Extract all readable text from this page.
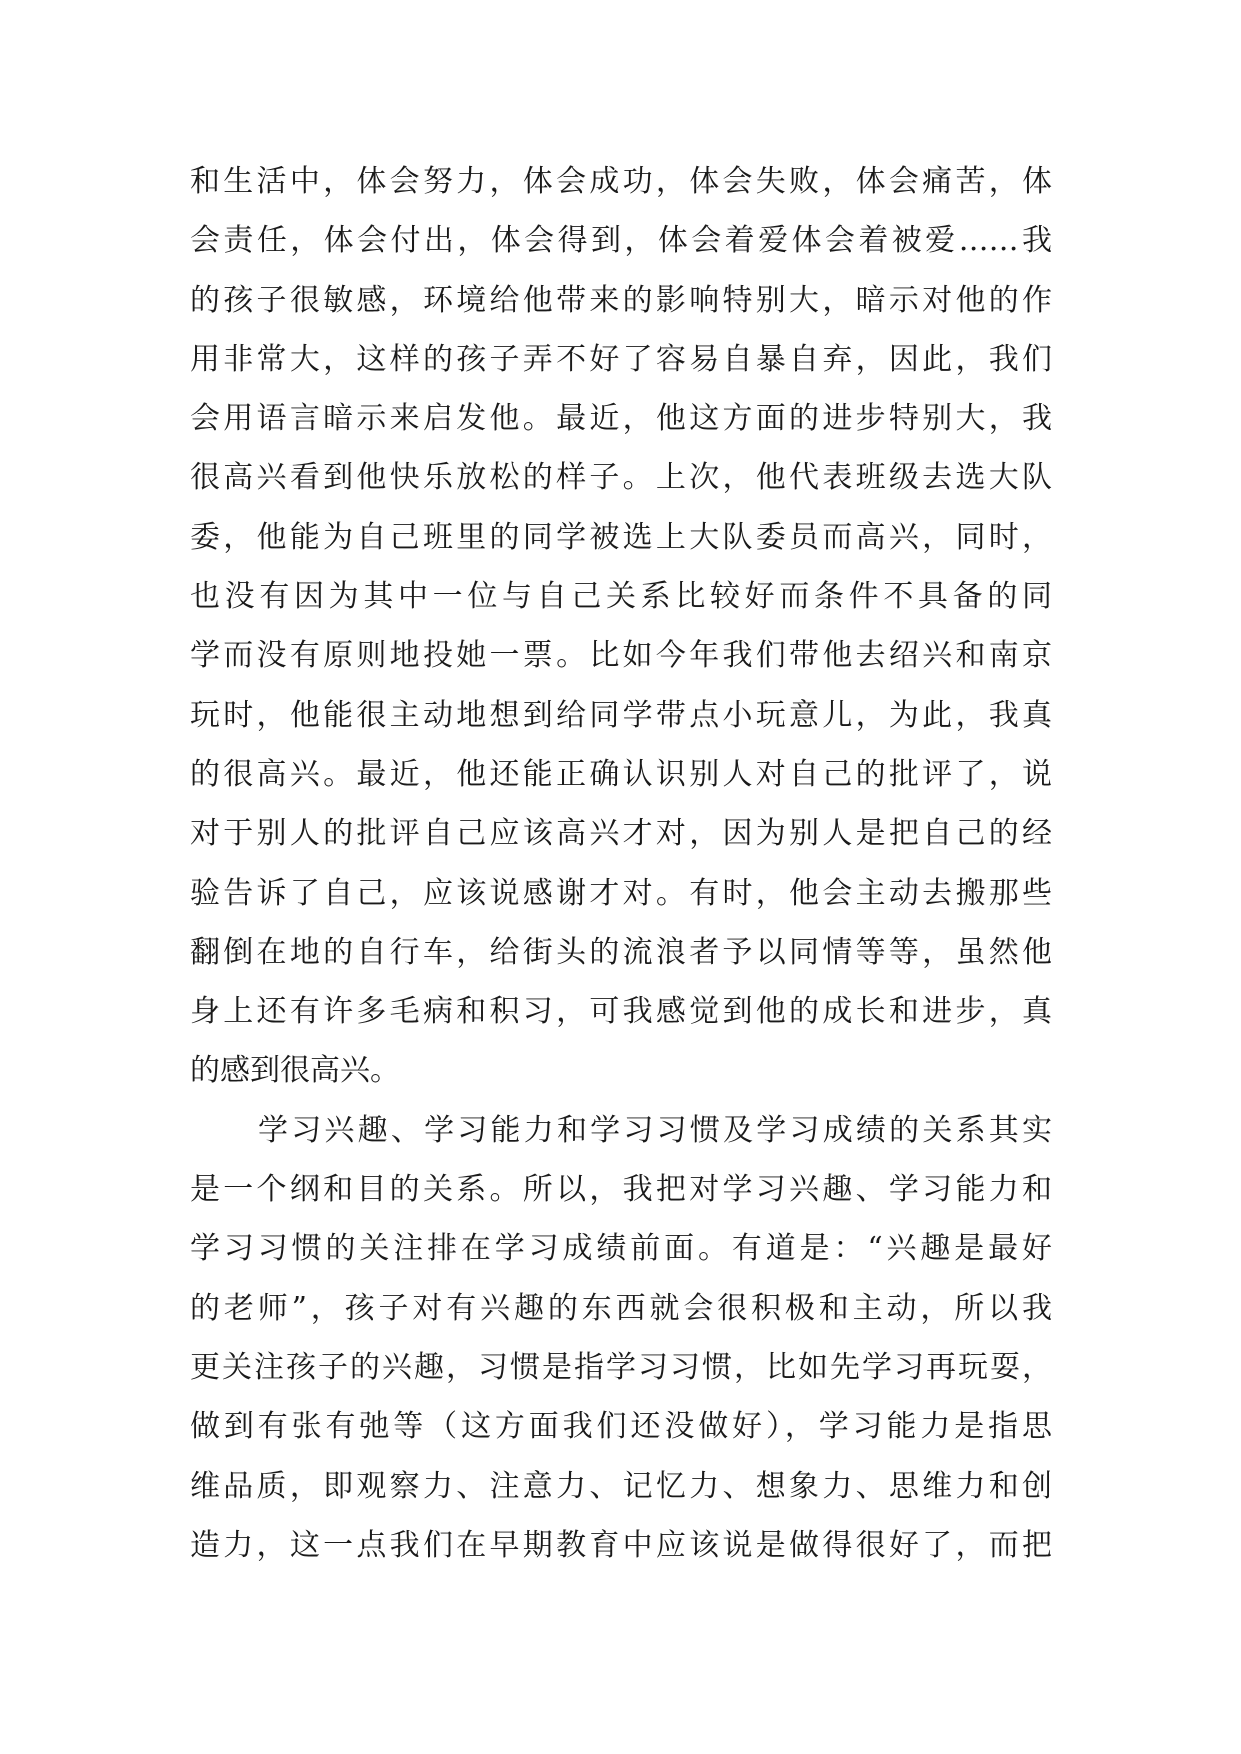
和生活中，体会努力，体会成功，体会失败，体会痛苦，体
会责任，体会付出，体会得到，体会着爱体会着被爱……我
的孩子很敏感，环境给他带来的影响特别大，暗示对他的作
用非常大，这样的孩子弄不好了容易自暴自弃，因此，我们
会用语言暗示来启发他。最近，他这方面的进步特别大，我
很高兴看到他快乐放松的样子。上次，他代表班级去选大队
委，他能为自己班里的同学被选上大队委员而高兴，同时，
也没有因为其中一位与自己关系比较好而条件不具备的同
学而没有原则地投她一票。比如今年我们带他去绍兴和南京
玩时，他能很主动地想到给同学带点小玩意儿，为此，我真
的很高兴。最近，他还能正确认识别人对自己的批评了，说
对于别人的批评自己应该高兴才对，因为别人是把自己的经
验告诉了自己，应该说感谢才对。有时，他会主动去搬那些
翻倒在地的自行车，给街头的流浪者予以同情等等，虽然他
身上还有许多毛病和积习，可我感觉到他的成长和进步，真
的感到很高兴。
学习兴趣、学习能力和学习习惯及学习成绩的关系其实
是一个纲和目的关系。所以，我把对学习兴趣、学习能力和
学习习惯的关注排在学习成绩前面。有道是：“兴趣是最好
的老师”，孩子对有兴趣的东西就会很积极和主动，所以我
更关注孩子的兴趣，习惯是指学习习惯，比如先学习再玩耍，
做到有张有弛等（这方面我们还没做好），学习能力是指思
维品质，即观察力、注意力、记忆力、想象力、思维力和创
造力，这一点我们在早期教育中应该说是做得很好了，而把
